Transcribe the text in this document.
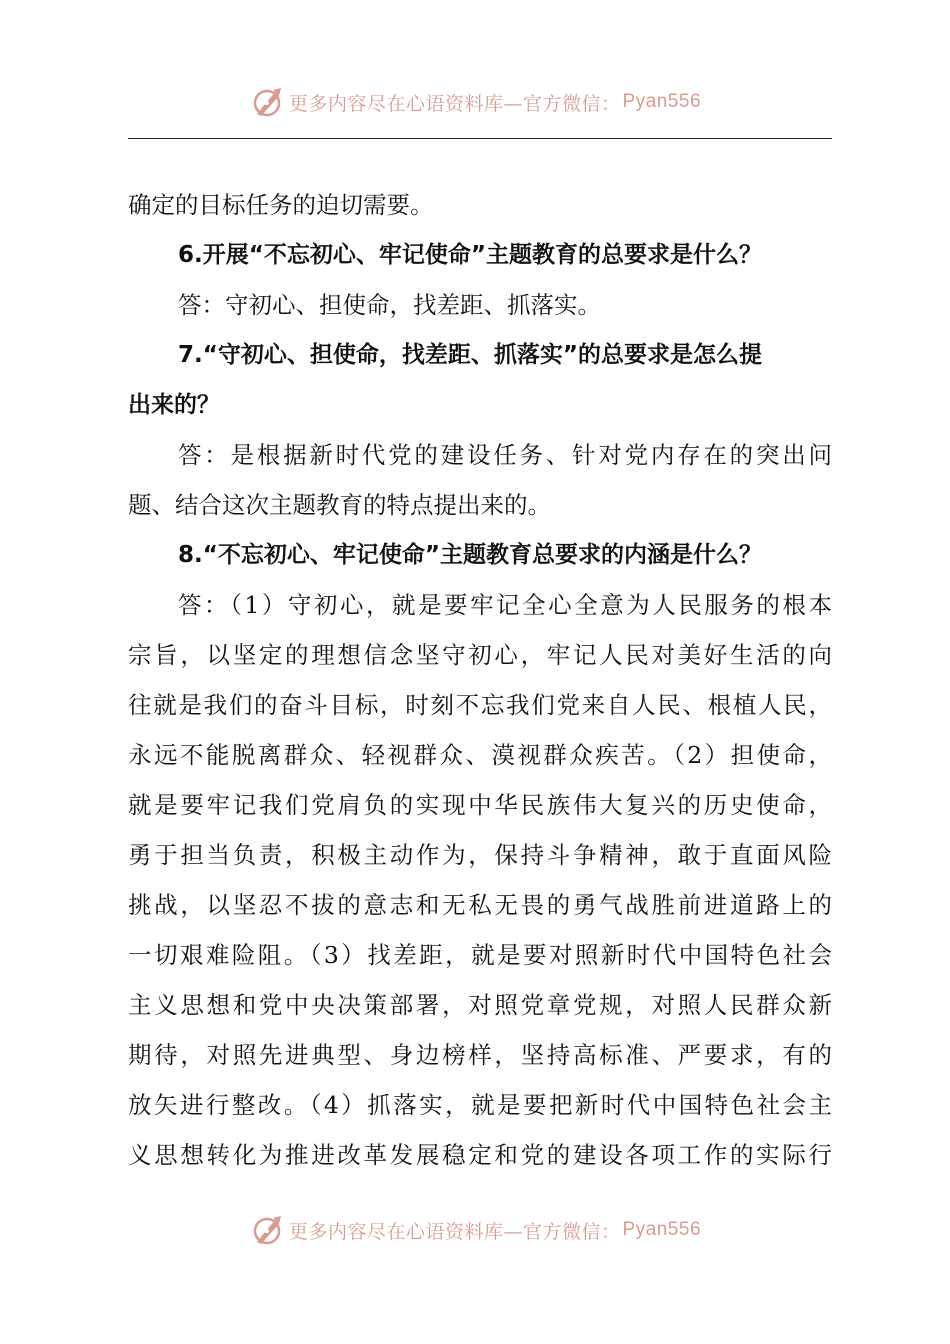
更多内容尽在心语资料库—官方微信： Pyan556
确定的目标任务的迫切需要。
6.开展“不忘初心、牢记使命”主题教育的总要求是什么？
答：守初心、担使命，找差距、抓落实。
7.“守初心、担使命，找差距、抓落实”的总要求是怎么提
出来的？
答：是根据新时代党的建设任务、针对党内存在的突出问
题、结合这次主题教育的特点提出来的。
8.“不忘初心、牢记使命”主题教育总要求的内涵是什么？
答：（1）守初心，就是要牢记全心全意为人民服务的根本
宗旨，以坚定的理想信念坚守初心，牢记人民对美好生活的向
往就是我们的奋斗目标，时刻不忘我们党来自人民、根植人民，
永远不能脱离群众、轻视群众、漠视群众疾苦。（2）担使命，
就是要牢记我们党肩负的实现中华民族伟大复兴的历史使命，
勇于担当负责，积极主动作为，保持斗争精神，敢于直面风险
挑战，以坚忍不拔的意志和无私无畏的勇气战胜前进道路上的
一切艰难险阻。（3）找差距，就是要对照新时代中国特色社会
主义思想和党中央决策部署，对照党章党规，对照人民群众新
期待，对照先进典型、身边榜样，坚持高标准、严要求，有的
放矢进行整改。（4）抓落实，就是要把新时代中国特色社会主
义思想转化为推进改革发展稳定和党的建设各项工作的实际行
更多内容尽在心语资料库—官方微信： Pyan556
